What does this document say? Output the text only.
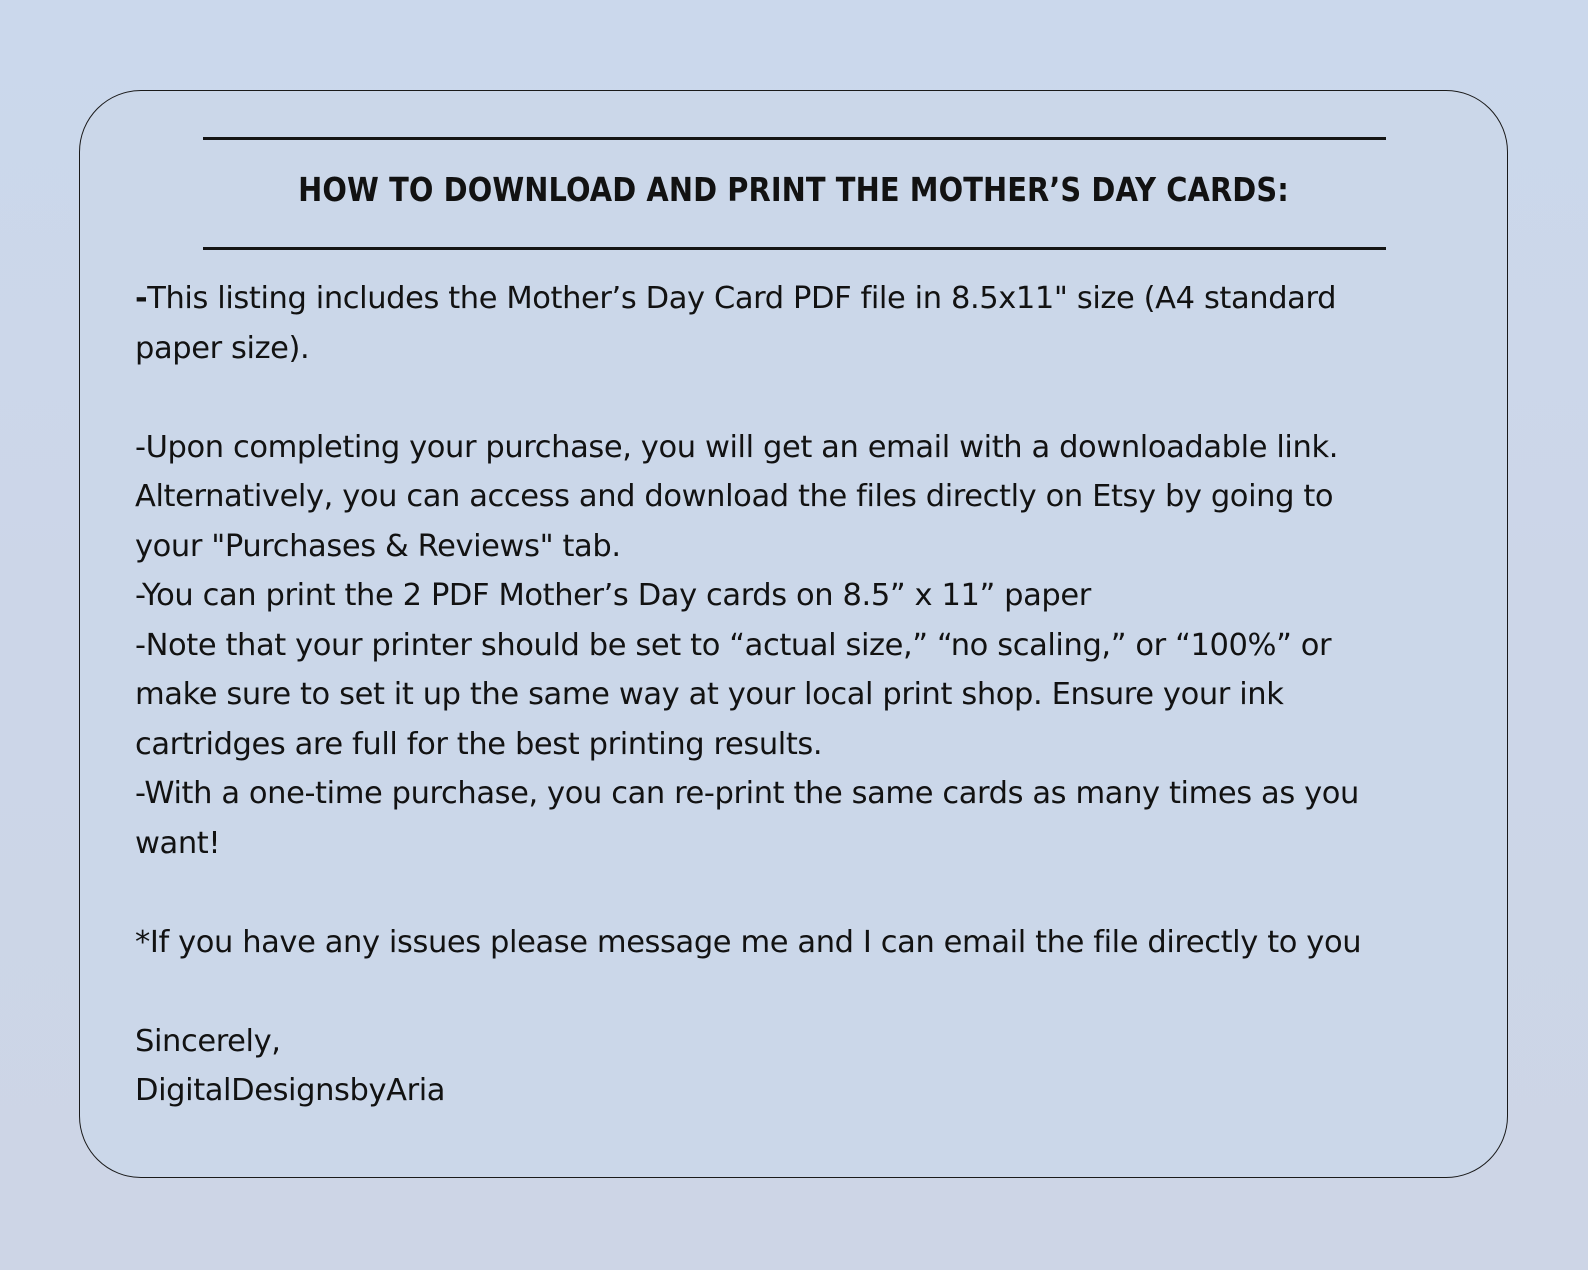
HOW TO DOWNLOAD AND PRINT THE MOTHER’S DAY CARDS:
-This listing includes the Mother’s Day Card PDF file in 8.5x11" size (A4 standard
paper size).
-Upon completing your purchase, you will get an email with a downloadable link.
Alternatively, you can access and download the files directly on Etsy by going to
your "Purchases & Reviews" tab.
-You can print the 2 PDF Mother’s Day cards on 8.5” x 11” paper
-Note that your printer should be set to “actual size,” “no scaling,” or “100%” or
make sure to set it up the same way at your local print shop. Ensure your ink
cartridges are full for the best printing results.
-With a one-time purchase, you can re-print the same cards as many times as you
want!
*If you have any issues please message me and I can email the file directly to you
Sincerely,
DigitalDesignsbyAria
